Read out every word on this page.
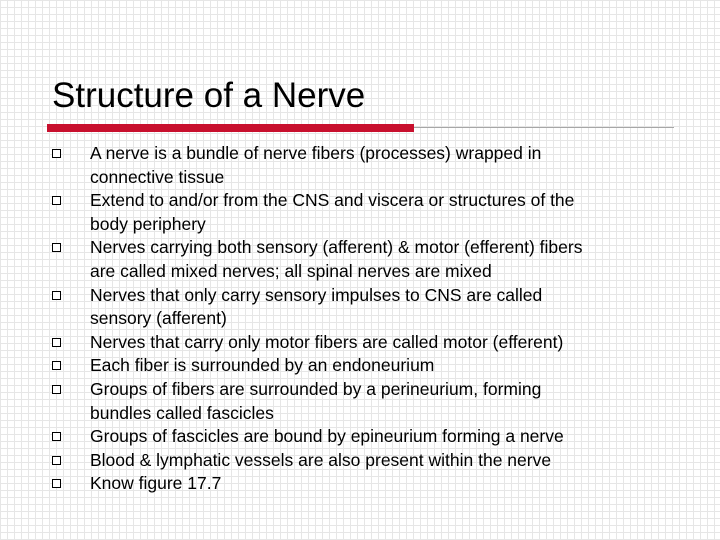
Structure of a Nerve
A nerve is a bundle of nerve fibers (processes) wrapped in
connective tissue
Extend to and/or from the CNS and viscera or structures of the
body periphery
Nerves carrying both sensory (afferent) & motor (efferent) fibers
are called mixed nerves; all spinal nerves are mixed
Nerves that only carry sensory impulses to CNS are called
sensory (afferent)
Nerves that carry only motor fibers are called motor (efferent)
Each fiber is surrounded by an endoneurium
Groups of fibers are surrounded by a perineurium, forming
bundles called fascicles
Groups of fascicles are bound by epineurium forming a nerve
Blood & lymphatic vessels are also present within the nerve
Know figure 17.7
